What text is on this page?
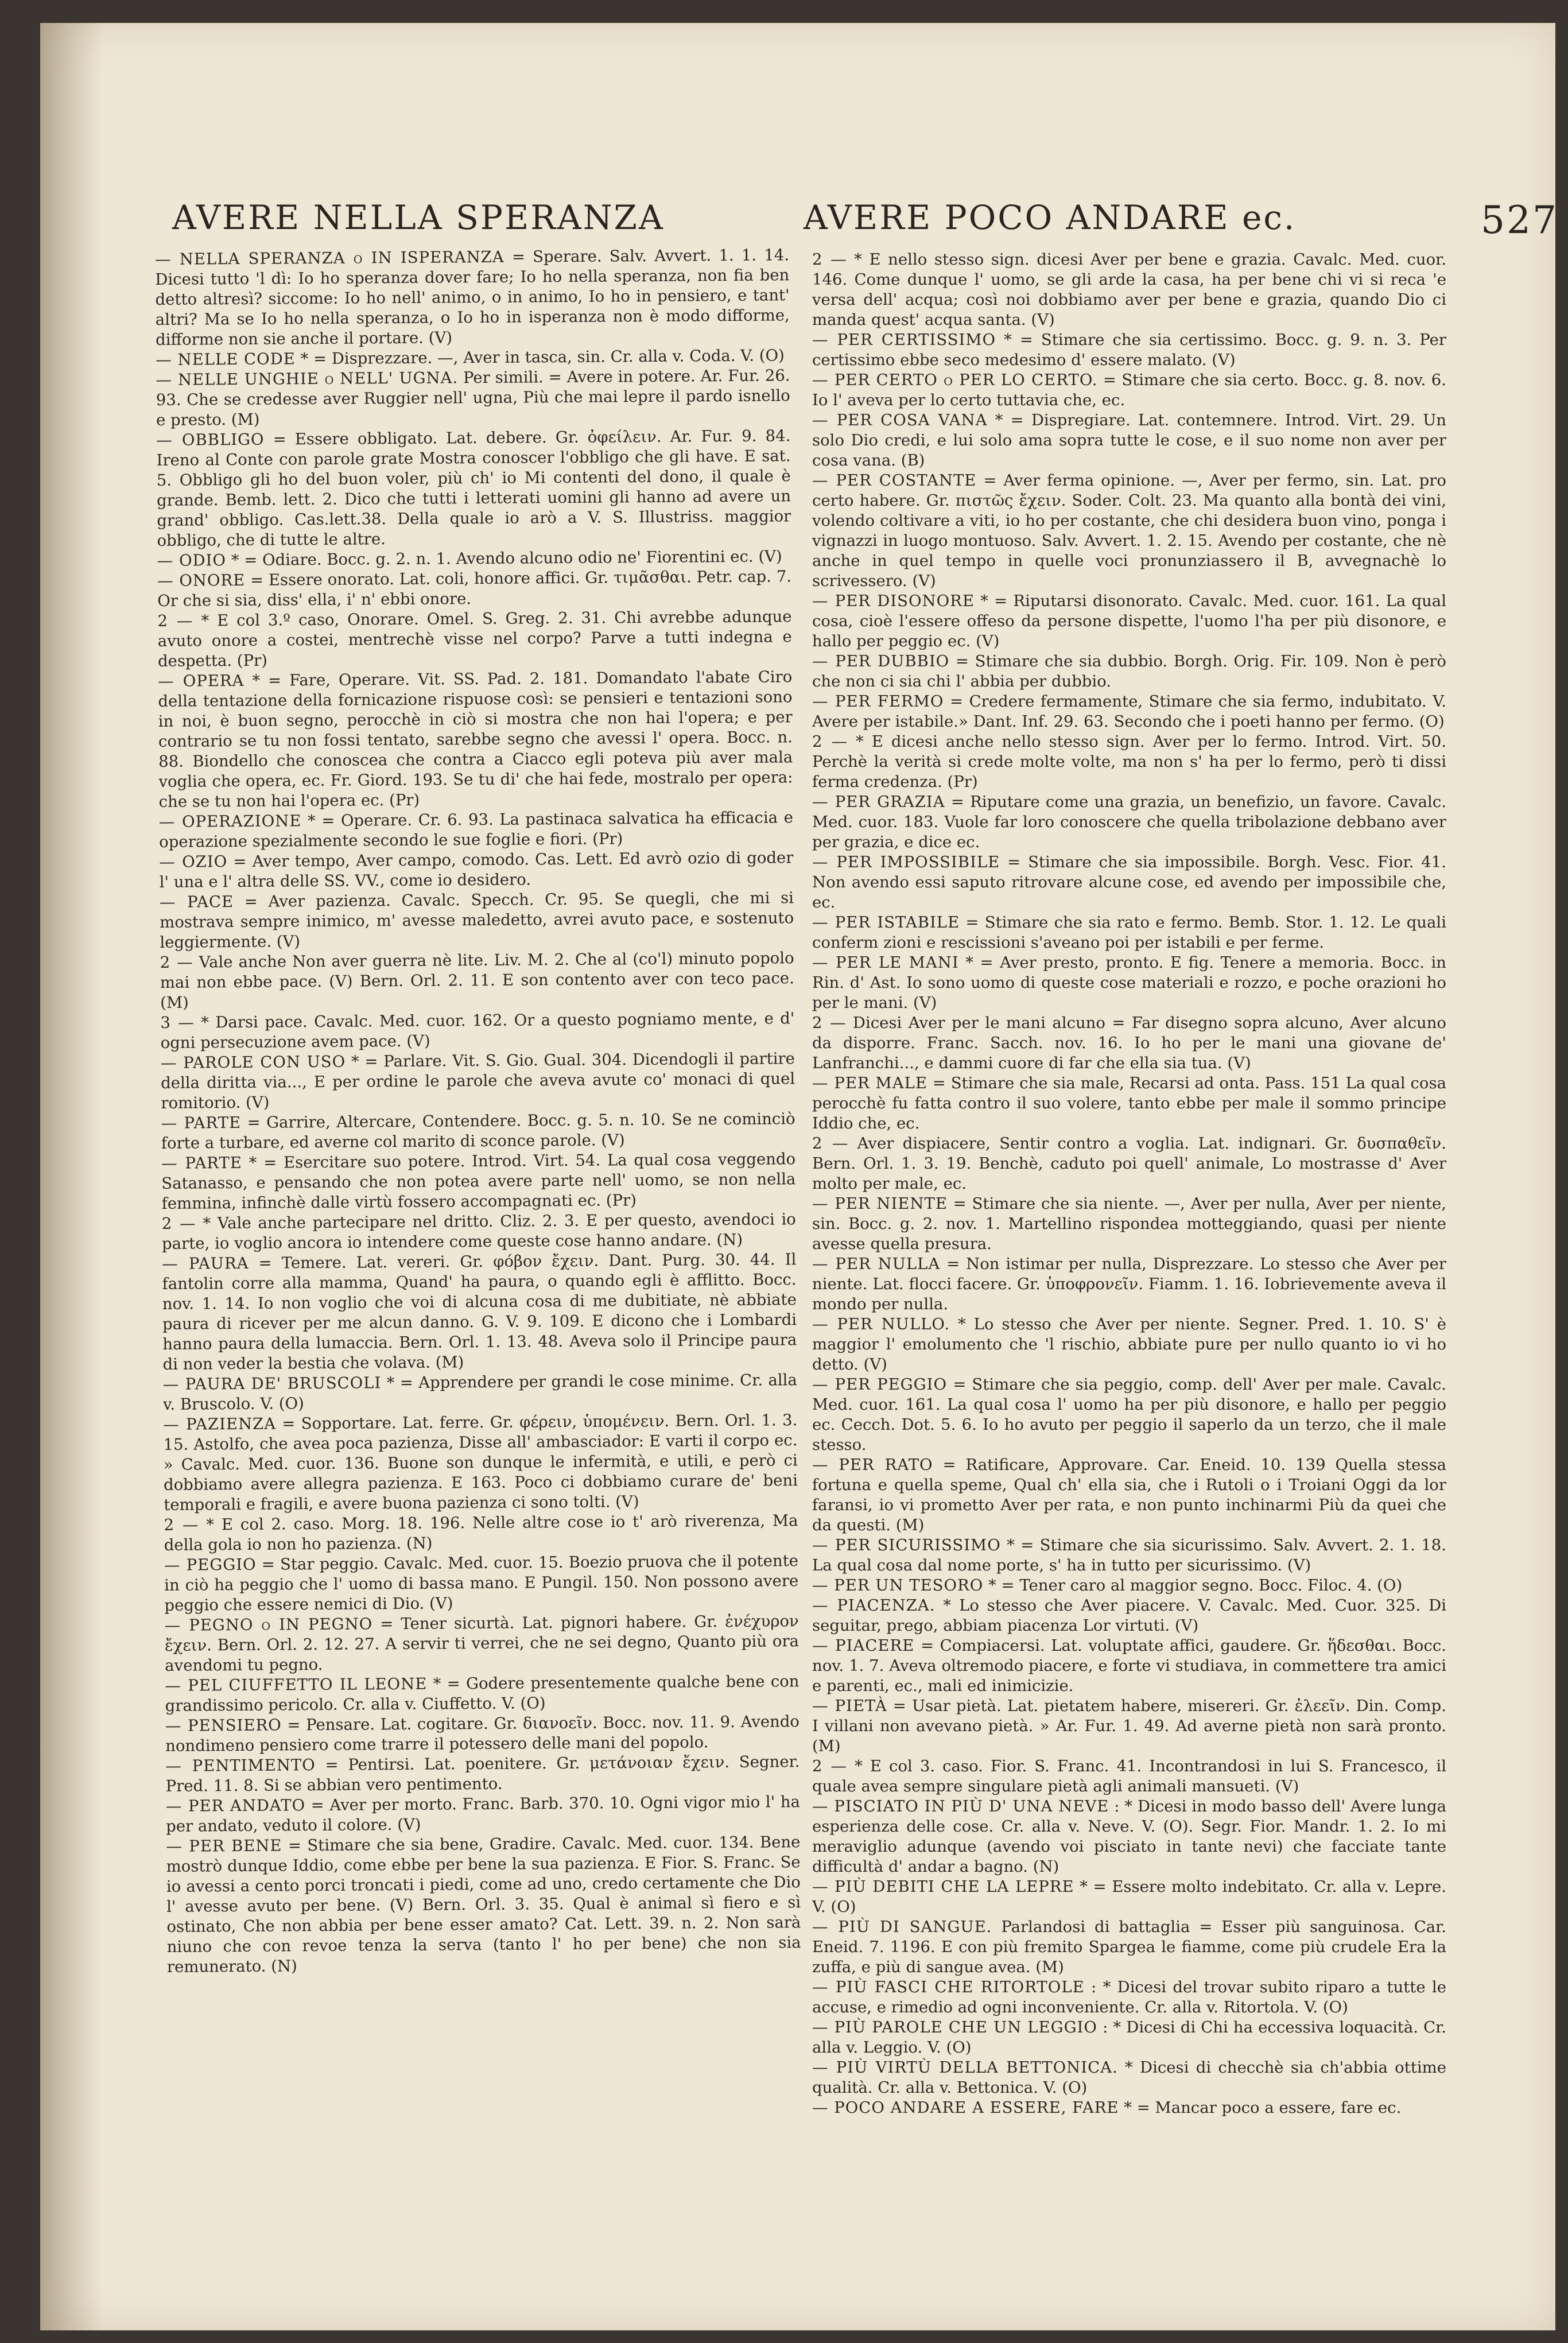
AVERE NELLA SPERANZA	AVERE POCO ANDARE ec.	527

— NELLA SPERANZA o IN ISPERANZA = Sperare. Salv. Avvert. 1. 1. 14. Dicesi tutto 'l dì: Io ho speranza dover fare; Io ho nella speranza, non fia ben detto altresì? siccome: Io ho nell' animo, o in animo, Io ho in pensiero, e tant' altri? Ma se Io ho nella speranza, o Io ho in isperanza non è modo difforme, difforme non sie anche il portare. (V)

— NELLE CODE * = Disprezzare. —, Aver in tasca, sin. Cr. alla v. Coda. V. (O)

— NELLE UNGHIE o NELL' UGNA. Per simili. = Avere in potere. Ar. Fur. 26. 93. Che se credesse aver Ruggier nell' ugna, Più che mai lepre il pardo isnello e presto. (M)

— OBBLIGO = Essere obbligato. Lat. debere. Gr. ὀφείλειν. Ar. Fur. 9. 84. Ireno al Conte con parole grate Mostra conoscer l'obbligo che gli have. E sat. 5. Obbligo gli ho del buon voler, più ch' io Mi contenti del dono, il quale è grande. Bemb. lett. 2. Dico che tutti i letterati uomini gli hanno ad avere un grand' obbligo. Cas.lett.38. Della quale io arò a V. S. Illustriss. maggior obbligo, che di tutte le altre.

— ODIO * = Odiare. Bocc. g. 2. n. 1. Avendo alcuno odio ne' Fiorentini ec. (V)

— ONORE = Essere onorato. Lat. coli, honore affici. Gr. τιμᾶσθαι. Petr. cap. 7. Or che si sia, diss' ella, i' n' ebbi onore.

2 — * E col 3.º caso, Onorare. Omel. S. Greg. 2. 31. Chi avrebbe adunque avuto onore a costei, mentrechè visse nel corpo? Parve a tutti indegna e despetta. (Pr)

— OPERA * = Fare, Operare. Vit. SS. Pad. 2. 181. Domandato l'abate Ciro della tentazione della fornicazione rispuose così: se pensieri e tentazioni sono in noi, è buon segno, perocchè in ciò si mostra che non hai l'opera; e per contrario se tu non fossi tentato, sarebbe segno che avessi l' opera. Bocc. n. 88. Biondello che conoscea che contra a Ciacco egli poteva più aver mala voglia che opera, ec. Fr. Giord. 193. Se tu di' che hai fede, mostralo per opera: che se tu non hai l'opera ec. (Pr)

— OPERAZIONE * = Operare. Cr. 6. 93. La pastinaca salvatica ha efficacia e operazione spezialmente secondo le sue foglie e fiori. (Pr)

— OZIO = Aver tempo, Aver campo, comodo. Cas. Lett. Ed avrò ozio di goder l' una e l' altra delle SS. VV., come io desidero.

— PACE = Aver pazienza. Cavalc. Specch. Cr. 95. Se quegli, che mi si mostrava sempre inimico, m' avesse maledetto, avrei avuto pace, e sostenuto leggiermente. (V)

2 — Vale anche Non aver guerra nè lite. Liv. M. 2. Che al (co'l) minuto popolo mai non ebbe pace. (V) Bern. Orl. 2. 11. E son contento aver con teco pace. (M)

3 — * Darsi pace. Cavalc. Med. cuor. 162. Or a questo pogniamo mente, e d' ogni persecuzione avem pace. (V)

— PAROLE CON USO * = Parlare. Vit. S. Gio. Gual. 304. Dicendogli il partire della diritta via..., E per ordine le parole che aveva avute co' monaci di quel romitorio. (V)

— PARTE = Garrire, Altercare, Contendere. Bocc. g. 5. n. 10. Se ne cominciò forte a turbare, ed averne col marito di sconce parole. (V)

— PARTE * = Esercitare suo potere. Introd. Virt. 54. La qual cosa veggendo Satanasso, e pensando che non potea avere parte nell' uomo, se non nella femmina, infinchè dalle virtù fossero accompagnati ec. (Pr)

2 — * Vale anche partecipare nel dritto. Cliz. 2. 3. E per questo, avendoci io parte, io voglio ancora io intendere come queste cose hanno andare. (N)

— PAURA = Temere. Lat. vereri. Gr. φόβον ἔχειν. Dant. Purg. 30. 44. Il fantolin corre alla mamma, Quand' ha paura, o quando egli è afflitto. Bocc. nov. 1. 14. Io non voglio che voi di alcuna cosa di me dubitiate, nè abbiate paura di ricever per me alcun danno. G. V. 9. 109. E dicono che i Lombardi hanno paura della lumaccia. Bern. Orl. 1. 13. 48. Aveva solo il Principe paura di non veder la bestia che volava. (M)

— PAURA DE' BRUSCOLI * = Apprendere per grandi le cose minime. Cr. alla v. Bruscolo. V. (O)

— PAZIENZA = Sopportare. Lat. ferre. Gr. φέρειν, ὑπομένειν. Bern. Orl. 1. 3. 15. Astolfo, che avea poca pazienza, Disse all' ambasciador: E varti il corpo ec. » Cavalc. Med. cuor. 136. Buone son dunque le infermità, e utili, e però ci dobbiamo avere allegra pazienza. E 163. Poco ci dobbiamo curare de' beni temporali e fragili, e avere buona pazienza ci sono tolti. (V)

2 — * E col 2. caso. Morg. 18. 196. Nelle altre cose io t' arò riverenza, Ma della gola io non ho pazienza. (N)

— PEGGIO = Star peggio. Cavalc. Med. cuor. 15. Boezio pruova che il potente in ciò ha peggio che l' uomo di bassa mano. E Pungil. 150. Non possono avere peggio che essere nemici di Dio. (V)

— PEGNO o IN PEGNO = Tener sicurtà. Lat. pignori habere. Gr. ἐνέχυρον ἔχειν. Bern. Orl. 2. 12. 27. A servir ti verrei, che ne sei degno, Quanto più ora avendomi tu pegno.

— PEL CIUFFETTO IL LEONE * = Godere presentemente qualche bene con grandissimo pericolo. Cr. alla v. Ciuffetto. V. (O)

— PENSIERO = Pensare. Lat. cogitare. Gr. διανοεῖν. Bocc. nov. 11. 9. Avendo nondimeno pensiero come trarre il potessero delle mani del popolo.

— PENTIMENTO = Pentirsi. Lat. poenitere. Gr. μετάνοιαν ἔχειν. Segner. Pred. 11. 8. Si se abbian vero pentimento.

— PER ANDATO = Aver per morto. Franc. Barb. 370. 10. Ogni vigor mio l' ha per andato, veduto il colore. (V)

— PER BENE = Stimare che sia bene, Gradire. Cavalc. Med. cuor. 134. Bene mostrò dunque Iddio, come ebbe per bene la sua pazienza. E Fior. S. Franc. Se io avessi a cento porci troncati i piedi, come ad uno, credo certamente che Dio l' avesse avuto per bene. (V) Bern. Orl. 3. 35. Qual è animal sì fiero e sì ostinato, Che non abbia per bene esser amato? Cat. Lett. 39. n. 2. Non sarà niuno che con revoe tenza la serva (tanto l' ho per bene) che non sia remunerato. (N)

2 — * E nello stesso sign. dicesi Aver per bene e grazia. Cavalc. Med. cuor. 146. Come dunque l' uomo, se gli arde la casa, ha per bene chi vi si reca 'e versa dell' acqua; così noi dobbiamo aver per bene e grazia, quando Dio ci manda quest' acqua santa. (V)

— PER CERTISSIMO * = Stimare che sia certissimo. Bocc. g. 9. n. 3. Per certissimo ebbe seco medesimo d' essere malato. (V)

— PER CERTO o PER LO CERTO. = Stimare che sia certo. Bocc. g. 8. nov. 6. Io l' aveva per lo certo tuttavia che, ec.

— PER COSA VANA * = Dispregiare. Lat. contemnere. Introd. Virt. 29. Un solo Dio credi, e lui solo ama sopra tutte le cose, e il suo nome non aver per cosa vana. (B)

— PER COSTANTE = Aver ferma opinione. —, Aver per fermo, sin. Lat. pro certo habere. Gr. πιστῶς ἔχειν. Soder. Colt. 23. Ma quanto alla bontà dei vini, volendo coltivare a viti, io ho per costante, che chi desidera buon vino, ponga i vignazzi in luogo montuoso. Salv. Avvert. 1. 2. 15. Avendo per costante, che nè anche in quel tempo in quelle voci pronunziassero il B, avvegnachè lo scrivessero. (V)

— PER DISONORE * = Riputarsi disonorato. Cavalc. Med. cuor. 161. La qual cosa, cioè l'essere offeso da persone dispette, l'uomo l'ha per più disonore, e hallo per peggio ec. (V)

— PER DUBBIO = Stimare che sia dubbio. Borgh. Orig. Fir. 109. Non è però che non ci sia chi l' abbia per dubbio.

— PER FERMO = Credere fermamente, Stimare che sia fermo, indubitato. V. Avere per istabile.» Dant. Inf. 29. 63. Secondo che i poeti hanno per fermo. (O)

2 — * E dicesi anche nello stesso sign. Aver per lo fermo. Introd. Virt. 50. Perchè la verità si crede molte volte, ma non s' ha per lo fermo, però ti dissi ferma credenza. (Pr)

— PER GRAZIA = Riputare come una grazia, un benefizio, un favore. Cavalc. Med. cuor. 183. Vuole far loro conoscere che quella tribolazione debbano aver per grazia, e dice ec.

— PER IMPOSSIBILE = Stimare che sia impossibile. Borgh. Vesc. Fior. 41. Non avendo essi saputo ritrovare alcune cose, ed avendo per impossibile che, ec.

— PER ISTABILE = Stimare che sia rato e fermo. Bemb. Stor. 1. 12. Le quali conferm zioni e rescissioni s'aveano poi per istabili e per ferme.

— PER LE MANI * = Aver presto, pronto. E fig. Tenere a memoria. Bocc. in Rin. d' Ast. Io sono uomo di queste cose materiali e rozzo, e poche orazioni ho per le mani. (V)

2 — Dicesi Aver per le mani alcuno = Far disegno sopra alcuno, Aver alcuno da disporre. Franc. Sacch. nov. 16. Io ho per le mani una giovane de' Lanfranchi..., e dammi cuore di far che ella sia tua. (V)

— PER MALE = Stimare che sia male, Recarsi ad onta. Pass. 151 La qual cosa perocchè fu fatta contro il suo volere, tanto ebbe per male il sommo principe Iddio che, ec.

2 — Aver dispiacere, Sentir contro a voglia. Lat. indignari. Gr. δυσπαθεῖν. Bern. Orl. 1. 3. 19. Benchè, caduto poi quell' animale, Lo mostrasse d' Aver molto per male, ec.

— PER NIENTE = Stimare che sia niente. —, Aver per nulla, Aver per niente, sin. Bocc. g. 2. nov. 1. Martellino rispondea motteggiando, quasi per niente avesse quella presura.

— PER NULLA = Non istimar per nulla, Disprezzare. Lo stesso che Aver per niente. Lat. flocci facere. Gr. ὑποφρονεῖν. Fiamm. 1. 16. Iobrievemente aveva il mondo per nulla.

— PER NULLO. * Lo stesso che Aver per niente. Segner. Pred. 1. 10. S' è maggior l' emolumento che 'l rischio, abbiate pure per nullo quanto io vi ho detto. (V)

— PER PEGGIO = Stimare che sia peggio, comp. dell' Aver per male. Cavalc. Med. cuor. 161. La qual cosa l' uomo ha per più disonore, e hallo per peggio ec. Cecch. Dot. 5. 6. Io ho avuto per peggio il saperlo da un terzo, che il male stesso.

— PER RATO = Ratificare, Approvare. Car. Eneid. 10. 139 Quella stessa fortuna e quella speme, Qual ch' ella sia, che i Rutoli o i Troiani Oggi da lor faransi, io vi prometto Aver per rata, e non punto inchinarmi Più da quei che da questi. (M)

— PER SICURISSIMO * = Stimare che sia sicurissimo. Salv. Avvert. 2. 1. 18. La qual cosa dal nome porte, s' ha in tutto per sicurissimo. (V)

— PER UN TESORO * = Tener caro al maggior segno. Bocc. Filoc. 4. (O)

— PIACENZA. * Lo stesso che Aver piacere. V. Cavalc. Med. Cuor. 325. Di seguitar, prego, abbiam piacenza Lor virtuti. (V)

— PIACERE = Compiacersi. Lat. voluptate affici, gaudere. Gr. ἥδεσθαι. Bocc. nov. 1. 7. Aveva oltremodo piacere, e forte vi studiava, in commettere tra amici e parenti, ec., mali ed inimicizie.

— PIETÀ = Usar pietà. Lat. pietatem habere, misereri. Gr. ἐλεεῖν. Din. Comp. I villani non avevano pietà. » Ar. Fur. 1. 49. Ad averne pietà non sarà pronto. (M)

2 — * E col 3. caso. Fior. S. Franc. 41. Incontrandosi in lui S. Francesco, il quale avea sempre singulare pietà agli animali mansueti. (V)

— PISCIATO IN PIÙ D' UNA NEVE : * Dicesi in modo basso dell' Avere lunga esperienza delle cose. Cr. alla v. Neve. V. (O). Segr. Fior. Mandr. 1. 2. Io mi meraviglio adunque (avendo voi pisciato in tante nevi) che facciate tante difficultà d' andar a bagno. (N)

— PIÙ DEBITI CHE LA LEPRE * = Essere molto indebitato. Cr. alla v. Lepre. V. (O)

— PIÙ DI SANGUE. Parlandosi di battaglia = Esser più sanguinosa. Car. Eneid. 7. 1196. E con più fremito Spargea le fiamme, come più crudele Era la zuffa, e più di sangue avea. (M)

— PIÙ FASCI CHE RITORTOLE : * Dicesi del trovar subito riparo a tutte le accuse, e rimedio ad ogni inconveniente. Cr. alla v. Ritortola. V. (O)

— PIÙ PAROLE CHE UN LEGGIO : * Dicesi di Chi ha eccessiva loquacità. Cr. alla v. Leggio. V. (O)

— PIÙ VIRTÙ DELLA BETTONICA. * Dicesi di checchè sia ch'abbia ottime qualità. Cr. alla v. Bettonica. V. (O)

— POCO ANDARE A ESSERE, FARE * = Mancar poco a essere, fare ec.
